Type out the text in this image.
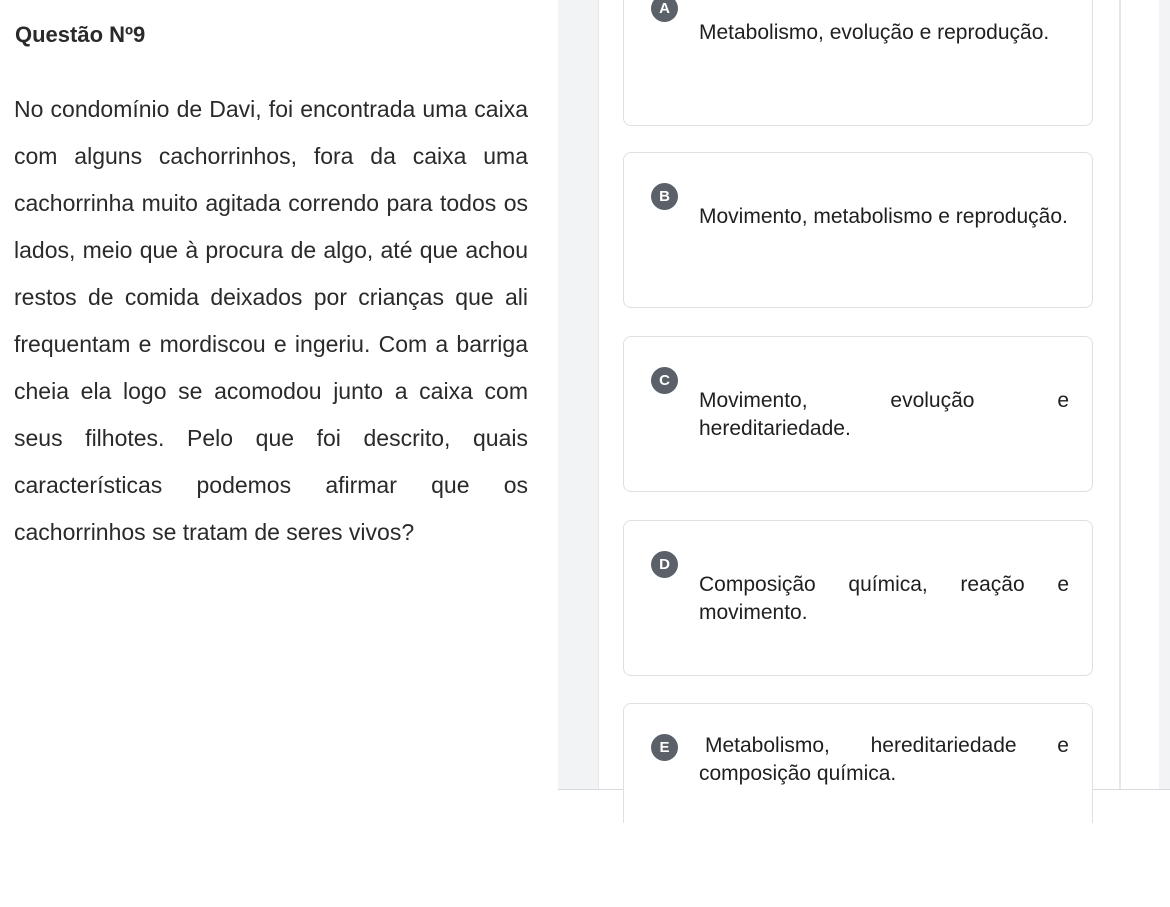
Questão Nº9
No condomínio de Davi, foi encontrada uma caixa com alguns cachorrinhos, fora da caixa uma cachorrinha muito agitada correndo para todos os lados, meio que à procura de algo, até que achou restos de comida deixados por crianças que ali frequentam e mordiscou e ingeriu. Com a barriga cheia ela logo se acomodou junto a caixa com seus filhotes. Pelo que foi descrito, quais características podemos afirmar que os cachorrinhos se tratam de seres vivos?
A
Metabolismo, evolução e reprodução.
B
Movimento, metabolismo e reprodução.
C
Movimento, evolução e hereditariedade.
D
Composição química, reação e movimento.
E	Metabolismo, hereditariedade e composição química.
